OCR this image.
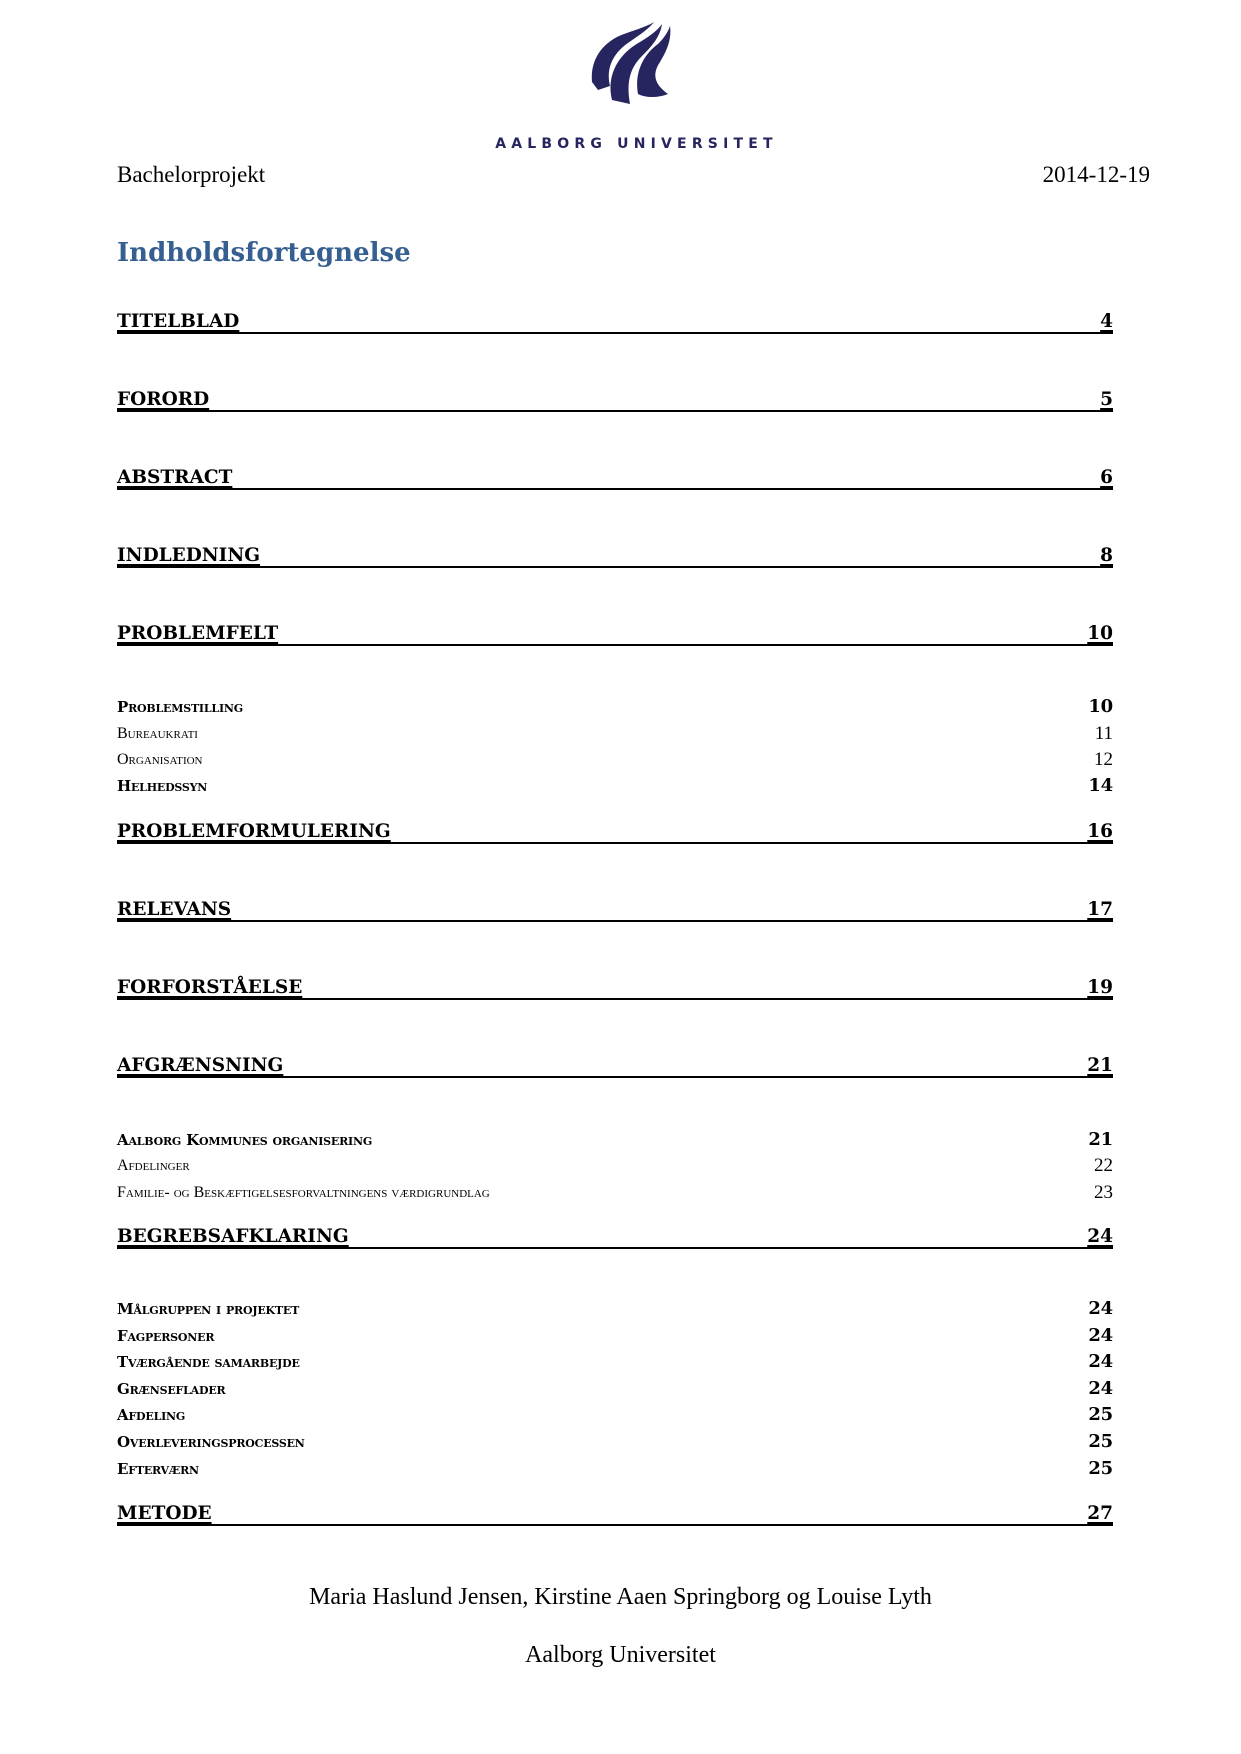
AALBORG UNIVERSITET
Bachelorprojekt	2014-12-19
Indholdsfortegnelse
TITELBLAD	4
FORORD	5
ABSTRACT	6
INDLEDNING	8
PROBLEMFELT	10
Problemstilling	10
Bureaukrati	11
Organisation	12
Helhedssyn	14
PROBLEMFORMULERING	16
RELEVANS	17
FORFORSTÅELSE	19
AFGRÆNSNING	21
Aalborg Kommunes organisering	21
Afdelinger	22
Familie- og Beskæftigelsesforvaltningens værdigrundlag	23
BEGREBSAFKLARING	24
Målgruppen i projektet	24
Fagpersoner	24
Tværgående samarbejde	24
Grænseflader	24
Afdeling	25
Overleveringsprocessen	25
Efterværn	25
METODE	27
Maria Haslund Jensen, Kirstine Aaen Springborg og Louise Lyth
Aalborg Universitet
